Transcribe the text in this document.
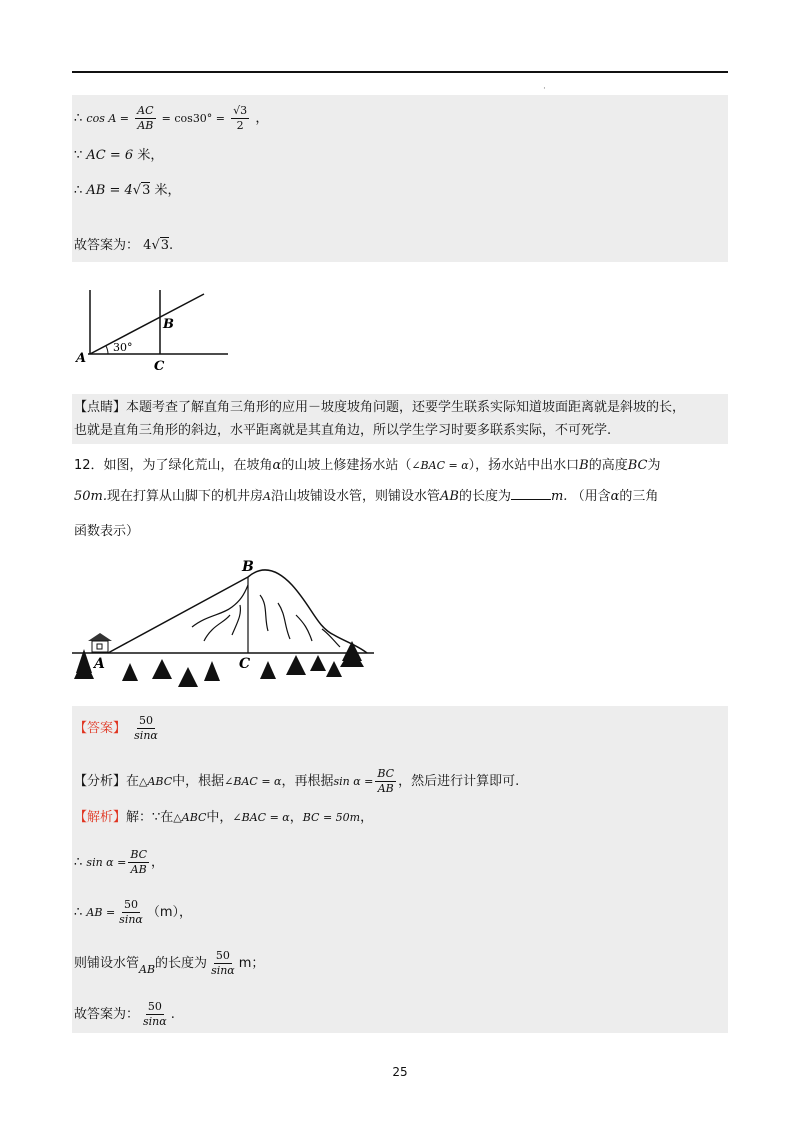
·
∴ $\cos A = \frac{AC}{AB} = \cos 30^\circ = \frac{√3}{2}$ ，
∵ AC = 6 米，
∴ AB = 4√3 米，
故答案为： 4√3.
A
B
C
30°
【点睛】本题考查了解直角三角形的应用－坡度坡角问题，还要学生联系实际知道坡面距离就是斜坡的长，
也就是直角三角形的斜边，水平距离就是其直角边，所以学生学习时要多联系实际，不可死学.
12．如图，为了绿化荒山，在坡角α的山坡上修建扬水站（∠BAC = α），扬水站中出水口B的高度BC为
50m.现在打算从山脚下的机井房A沿山坡铺设水管，则铺设水管AB的长度为	m. （用含α的三角
函数表示）
A
B
C
【答案】 $\frac{50}{\sin\alpha}$
【分析】在△ABC中，根据∠BAC = α，再根据$\sin \alpha = \frac{BC}{AB}$ ，然后进行计算即可.
【解析】解：∵在△ABC中，∠BAC = α，BC = 50m，
∴ $\sin \alpha = \frac{BC}{AB}$ ，
∴ AB = $\frac{50}{\sin\alpha} (m)$，
则铺设水管$_{AB}$的长度为 $\frac{50}{\sin\alpha}$ m；
故答案为： $\frac{50}{\sin\alpha}$ .
25
